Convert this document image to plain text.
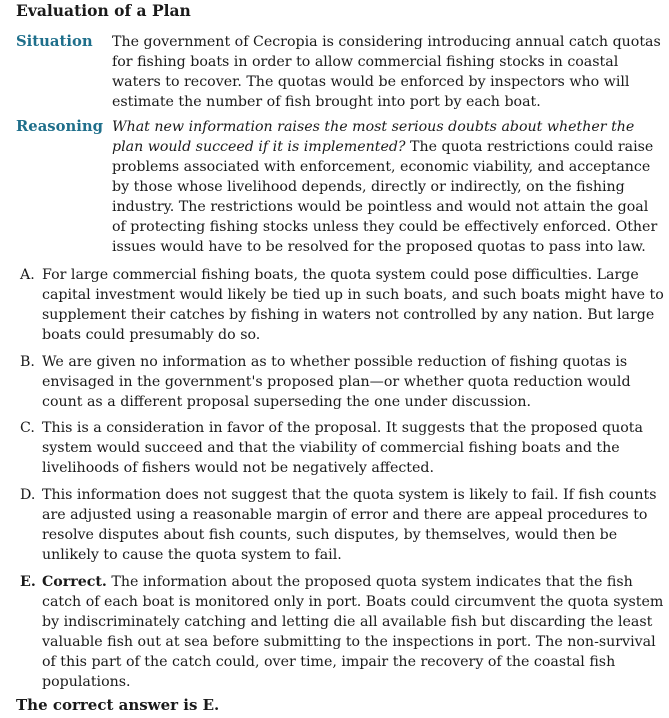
Evaluation of a Plan
Situation The government of Cecropia is considering introducing annual catch quotas for fishing boats in order to allow commercial fishing stocks in coastal waters to recover. The quotas would be enforced by inspectors who will estimate the number of fish brought into port by each boat.

Reasoning What new information raises the most serious doubts about whether the plan would succeed if it is implemented? The quota restrictions could raise problems associated with enforcement, economic viability, and acceptance by those whose livelihood depends, directly or indirectly, on the fishing industry. The restrictions would be pointless and would not attain the goal of protecting fishing stocks unless they could be effectively enforced. Other issues would have to be resolved for the proposed quotas to pass into law.

A. For large commercial fishing boats, the quota system could pose difficulties. Large capital investment would likely be tied up in such boats, and such boats might have to supplement their catches by fishing in waters not controlled by any nation. But large boats could presumably do so.
B. We are given no information as to whether possible reduction of fishing quotas is envisaged in the government's proposed plan—or whether quota reduction would count as a different proposal superseding the one under discussion.
C. This is a consideration in favor of the proposal. It suggests that the proposed quota system would succeed and that the viability of commercial fishing boats and the livelihoods of fishers would not be negatively affected.
D. This information does not suggest that the quota system is likely to fail. If fish counts are adjusted using a reasonable margin of error and there are appeal procedures to resolve disputes about fish counts, such disputes, by themselves, would then be unlikely to cause the quota system to fail.
E. Correct. The information about the proposed quota system indicates that the fish catch of each boat is monitored only in port. Boats could circumvent the quota system by indiscriminately catching and letting die all available fish but discarding the least valuable fish out at sea before submitting to the inspections in port. The non-survival of this part of the catch could, over time, impair the recovery of the coastal fish populations.
The correct answer is E.
